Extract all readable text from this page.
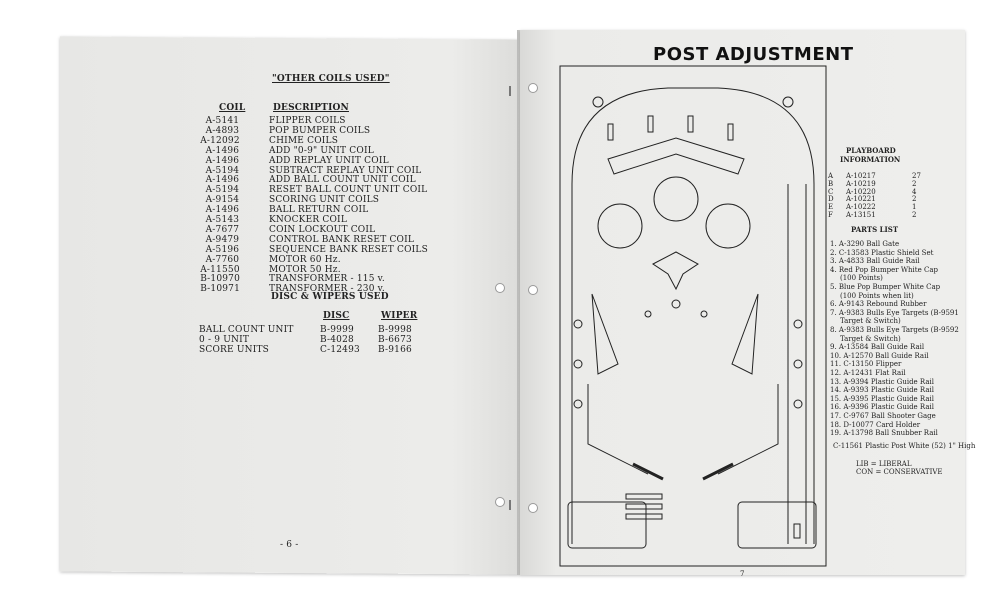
"OTHER COILS USED"
COIL	DESCRIPTION
A-5141	FLIPPER COILS
A-4893	POP BUMPER COILS
A-12092	CHIME COILS
A-1496	ADD "0-9" UNIT COIL
A-1496	ADD REPLAY UNIT COIL
A-5194	SUBTRACT REPLAY UNIT COIL
A-1496	ADD BALL COUNT UNIT COIL
A-5194	RESET BALL COUNT UNIT COIL
A-9154	SCORING UNIT COILS
A-1496	BALL RETURN COIL
A-5143	KNOCKER COIL
A-7677	COIN LOCKOUT COIL
A-9479	CONTROL BANK RESET COIL
A-5196	SEQUENCE BANK RESET COILS
A-7760	MOTOR 60 Hz.
A-11550	MOTOR 50 Hz.
B-10970	TRANSFORMER - 115 v.
B-10971	TRANSFORMER - 230 v.
DISC & WIPERS USED
DISC	WIPER
BALL COUNT UNIT	B-9999	B-9998
0 - 9 UNIT	B-4028	B-6673
SCORE UNITS	C-12493 B-9166
- 6 -
POST ADJUSTMENT
PLAYBOARD
INFORMATION
A A-10217	27
B A-10219	2
C A-10220	4
D A-10221	2
E A-10222	1
F A-13151	2
PARTS LIST
1. A-3290 Ball Gate
2. C-13583 Plastic Shield Set
3. A-4833 Ball Guide Rail
4. Red Pop Bumper White Cap
(100 Points)
5. Blue Pop Bumper White Cap
(100 Points when lit)
6. A-9143 Rebound Rubber
7. A-9383 Bulls Eye Targets (B-9591
Target & Switch)
8. A-9383 Bulls Eye Targets (B-9592
Target & Switch)
9. A-13584 Ball Guide Rail
10. A-12570 Ball Guide Rail
11. C-13150 Flipper
12. A-12431 Flat Rail
13. A-9394 Plastic Guide Rail
14. A-9393 Plastic Guide Rail
15. A-9395 Plastic Guide Rail
16. A-9396 Plastic Guide Rail
17. C-9767 Ball Shooter Gage
18. D-10077 Card Holder
19. A-13798 Ball Snubber Rail
C-11561 Plastic Post White (52) 1" High
LIB = LIBERAL
CON = CONSERVATIVE
7
